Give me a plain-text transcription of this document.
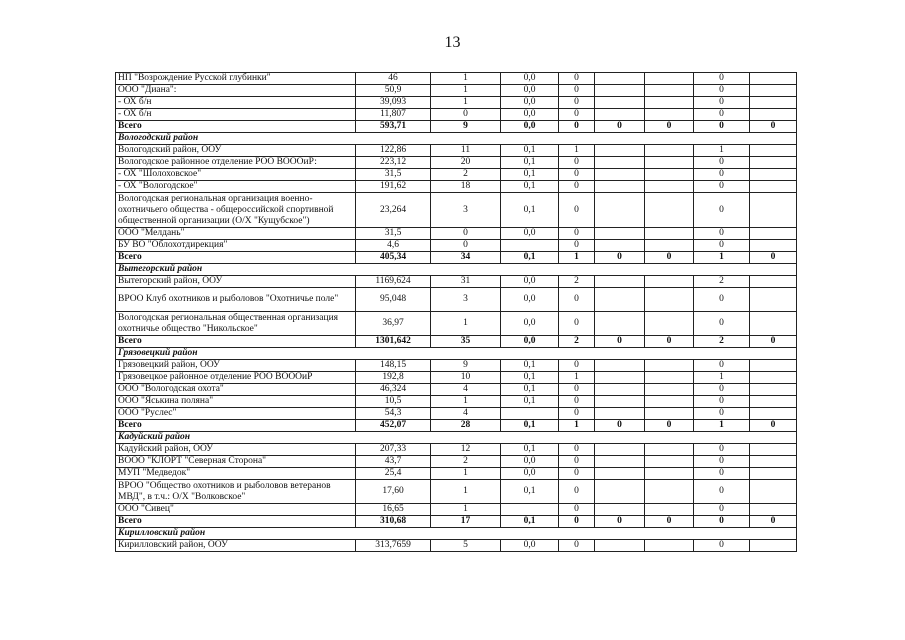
13
НП "Возрождение Русской глубинки"	46	1	0,0	0			0	
ООО "Диана":	50,9	1	0,0	0			0	
- ОХ б/н	39,093	1	0,0	0			0	
- ОХ б/н	11,807	0	0,0	0			0	
Всего	593,71	9	0,0	0	0	0	0	0
Вологодский район								
Вологодский район, ООУ	122,86	11	0,1	1			1	
Вологодское районное отделение РОО ВОООиР:	223,12	20	0,1	0			0	
- ОХ "Шолоховское"	31,5	2	0,1	0			0	
- ОХ "Вологодское"	191,62	18	0,1	0			0	
Вологодская региональная организация военно-охотничьего общества - общероссийской спортивной общественной организации (О/Х "Кущубское")	23,264	3	0,1	0			0	
ООО "Мелдань"	31,5	0	0,0	0			0	
БУ ВО "Облохотдирекция"	4,6	0		0			0	
Всего	405,34	34	0,1	1	0	0	1	0
Вытегорский район								
Вытегорский район, ООУ	1169,624	31	0,0	2			2	
ВРОО Клуб охотников и рыболовов "Охотничье поле"	95,048	3	0,0	0			0	
Вологодская региональная общественная организация охотничье общество "Никольское"	36,97	1	0,0	0			0	
Всего	1301,642	35	0,0	2	0	0	2	0
Грязовецкий район								
Грязовецкий район, ООУ	148,15	9	0,1	0			0	
Грязовецкое районное отделение РОО ВОООиР	192,8	10	0,1	1			1	
ООО "Вологодская охота"	46,324	4	0,1	0			0	
ООО "Яськина поляна"	10,5	1	0,1	0			0	
ООО "Руслес"	54,3	4		0			0	
Всего	452,07	28	0,1	1	0	0	1	0
Кадуйский район								
Кадуйский район, ООУ	207,33	12	0,1	0			0	
ВООО "КЛОРТ "Северная Сторона"	43,7	2	0,0	0			0	
МУП "Медведок"	25,4	1	0,0	0			0	
ВРОО "Общество охотников и рыболовов ветеранов МВД", в т.ч.: О/Х "Волковское"	17,60	1	0,1	0			0	
ООО "Сивец"	16,65	1		0			0	
Всего	310,68	17	0,1	0	0	0	0	0
Кирилловский район								
Кирилловский район, ООУ	313,7659	5	0,0	0			0	
